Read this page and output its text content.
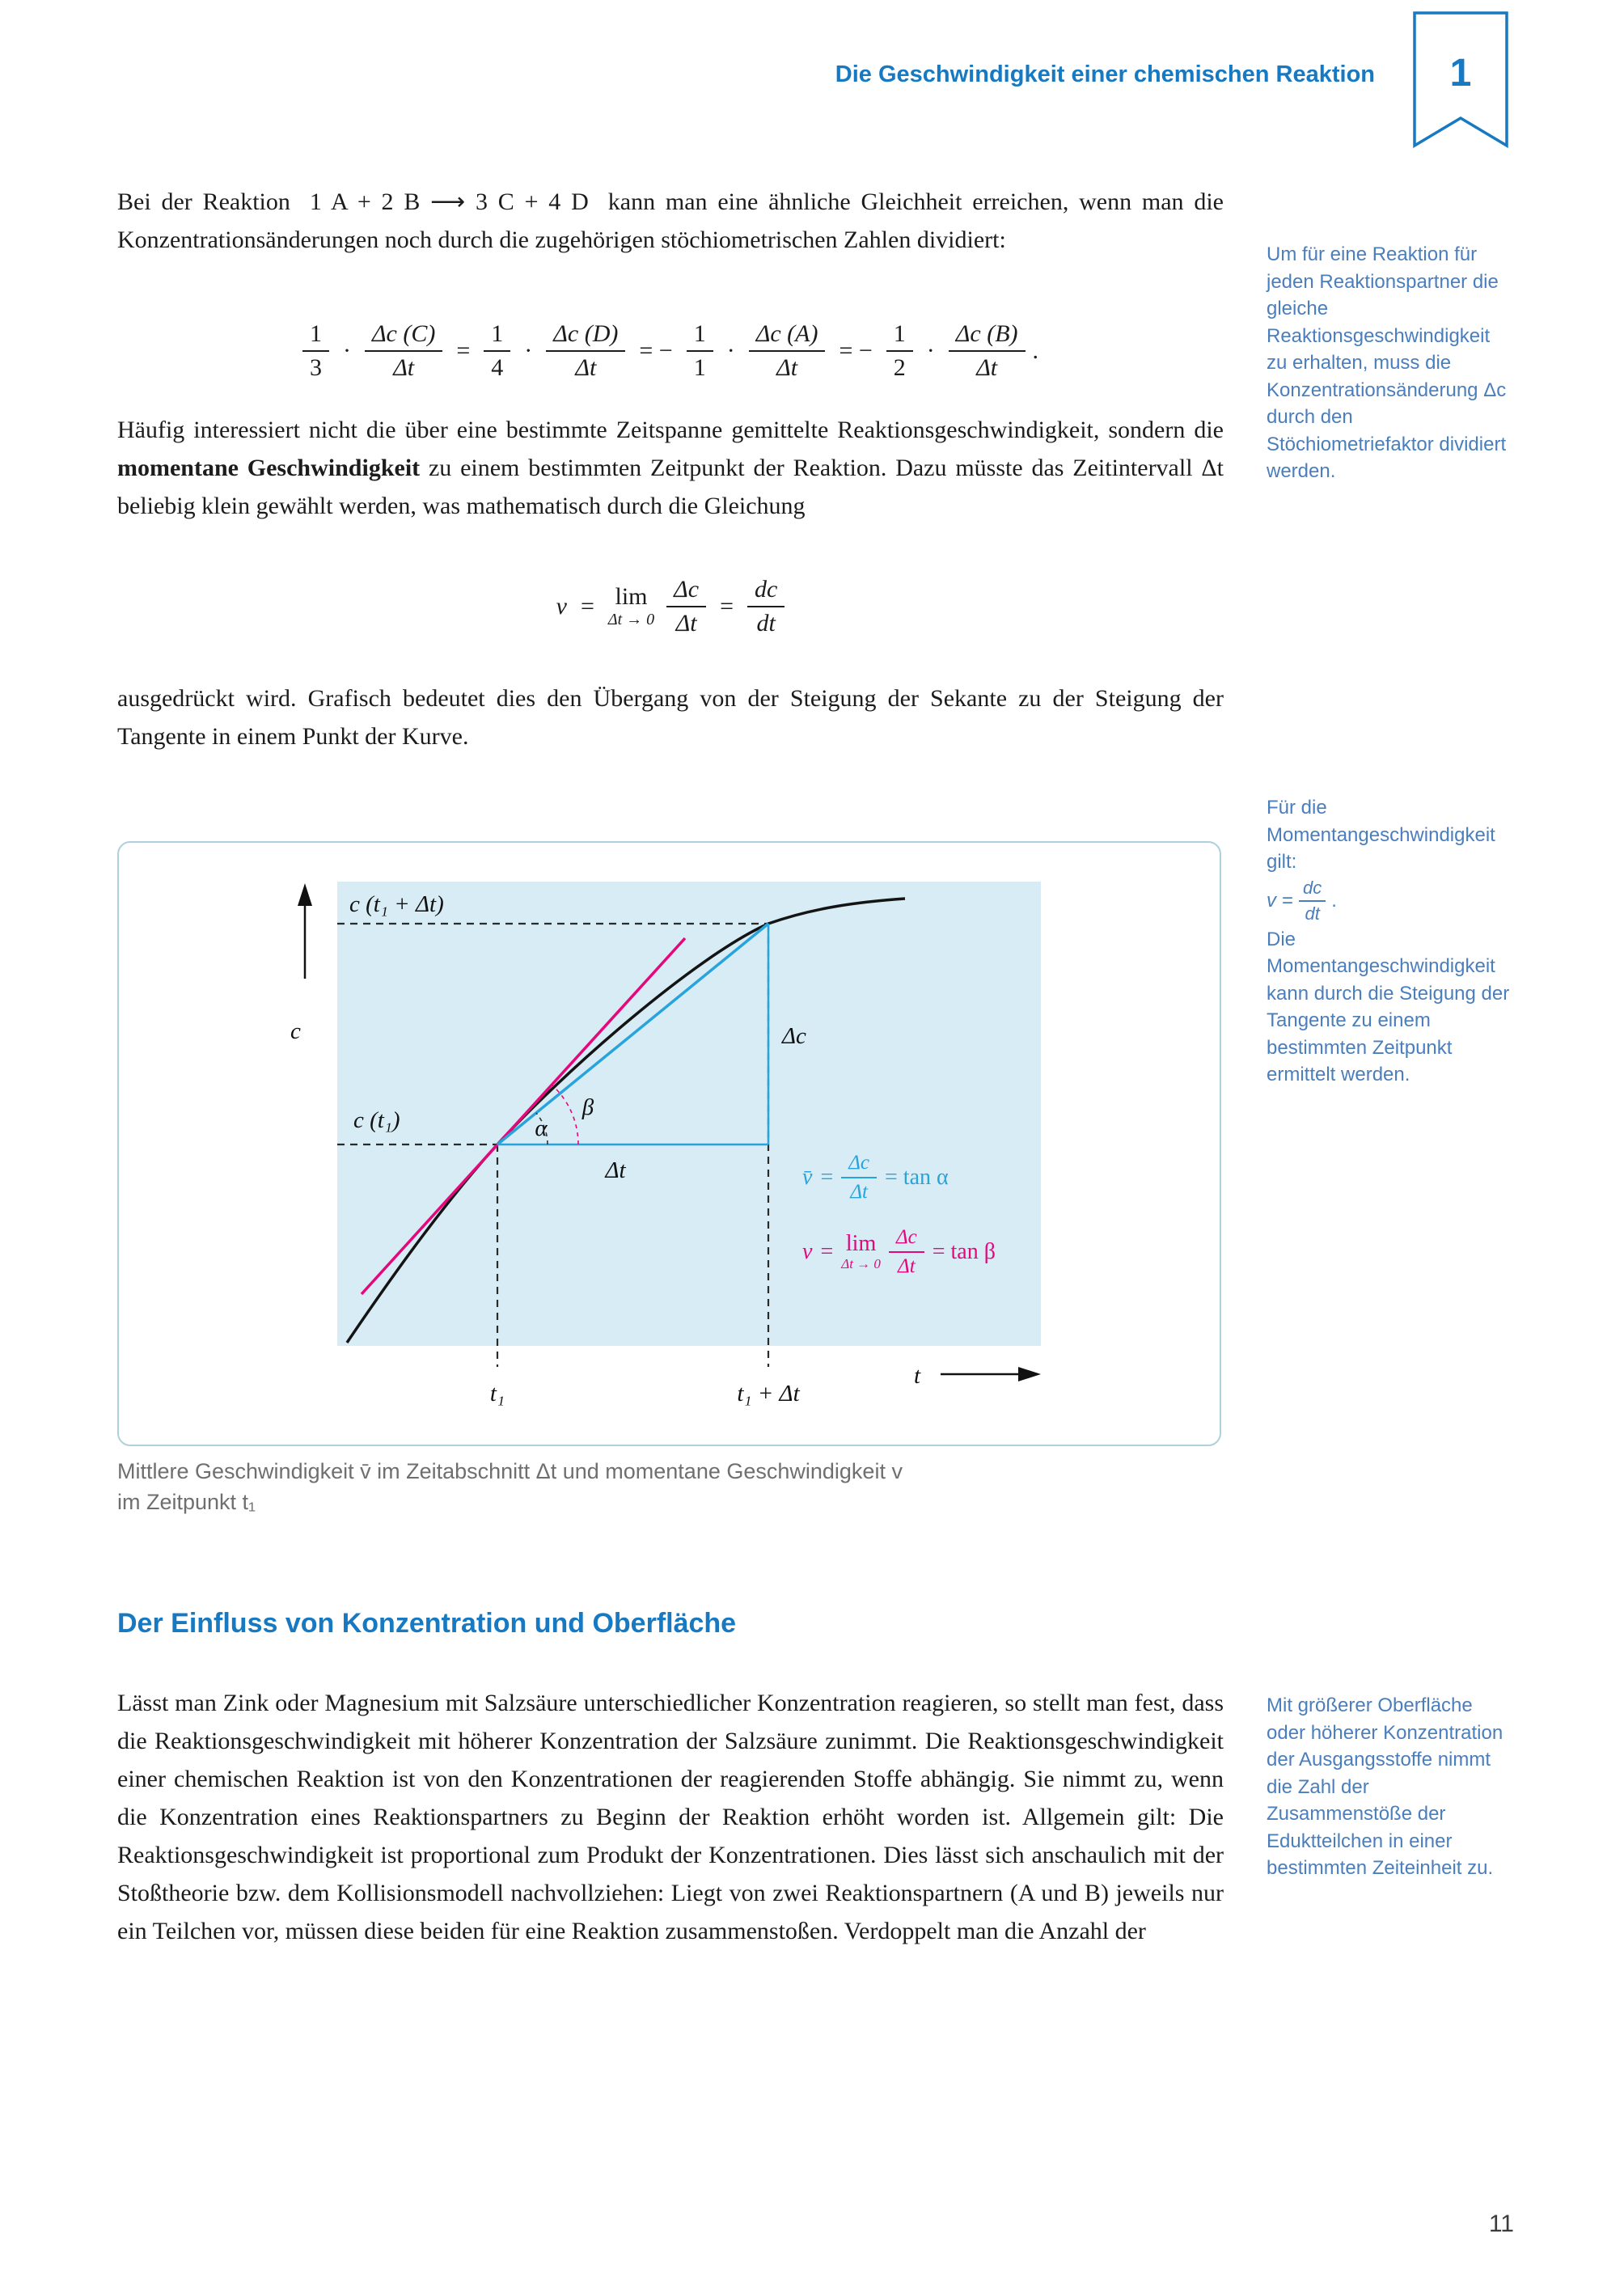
Die Geschwindigkeit einer chemischen Reaktion 1

Bei der Reaktion 1 A + 2 B ⟶ 3 C + 4 D kann man eine ähnliche Gleichheit erreichen, wenn man die Konzentrationsänderungen noch durch die zugehörigen stöchiometrischen Zahlen dividiert:

$\frac{1}{3} \cdot \frac{\Delta c (C)}{\Delta t} = \frac{1}{4} \cdot \frac{\Delta c (D)}{\Delta t}$ = − $\frac{1}{1} \cdot \frac{\Delta c (A)}{\Delta t}$ = − $\frac{1}{2} \cdot \frac{\Delta c (B)}{\Delta t}$ .

Häufig interessiert nicht die über eine bestimmte Zeitspanne gemittelte Reaktionsgeschwindigkeit, sondern die momentane Geschwindigkeit zu einem bestimmten Zeitpunkt der Reaktion. Dazu müsste das Zeitintervall Δt beliebig klein gewählt werden, was mathematisch durch die Gleichung

v = lim
$\Delta t \to 0 \frac{\Delta c}{\Delta t} = \frac{dc}{dt}$

ausgedrückt wird. Grafisch bedeutet dies den Übergang von der Steigung der Sekante zu der Steigung der Tangente in einem Punkt der Kurve.

c
t
c (t₁ + Δt)
c (t₁)
Δt
Δc
α
β
t₁	t₁ + Δt
v̄ = $\frac{\Delta c}{\Delta t} = \tan \alpha$
v = lim
$\Delta t \to 0 \frac{\Delta c}{\Delta t} = \tan \beta$
Mittlere Geschwindigkeit v̄ im Zeitabschnitt Δt und momentane Geschwindigkeit v
im Zeitpunkt t₁
Der Einfluss von Konzentration und Oberfläche

Lässt man Zink oder Magnesium mit Salzsäure unterschiedlicher Konzentration reagieren, so stellt man fest, dass die Reaktionsgeschwindigkeit mit höherer Konzentration der Salzsäure zunimmt. Die Reaktionsgeschwindigkeit einer chemischen Reaktion ist von den Konzentrationen der reagierenden Stoffe abhängig. Sie nimmt zu, wenn die Konzentration eines Reaktionspartners zu Beginn der Reaktion erhöht worden ist. Allgemein gilt: Die Reaktionsgeschwindigkeit ist proportional zum Produkt der Konzentrationen. Dies lässt sich anschaulich mit der Stoßtheorie bzw. dem Kollisionsmodell nachvollziehen: Liegt von zwei Reaktionspartnern (A und B) jeweils nur ein Teilchen vor, müssen diese beiden für eine Reaktion zusammenstoßen. Verdoppelt man die Anzahl der

Um für eine Reaktion für jeden Reaktionspartner die gleiche Reaktionsgeschwindigkeit zu erhalten, muss die Konzentrationsänderung Δc durch den Stöchiometriefaktor dividiert werden.
Für die Momentangeschwindigkeit gilt:
$v = \frac{dc}{dt}$ .
Die Momentangeschwindigkeit kann durch die Steigung der Tangente zu einem bestimmten Zeitpunkt ermittelt werden.
Mit größerer Oberfläche oder höherer Konzentration der Ausgangsstoffe nimmt die Zahl der Zusammenstöße der Eduktteilchen in einer bestimmten Zeiteinheit zu.
11
